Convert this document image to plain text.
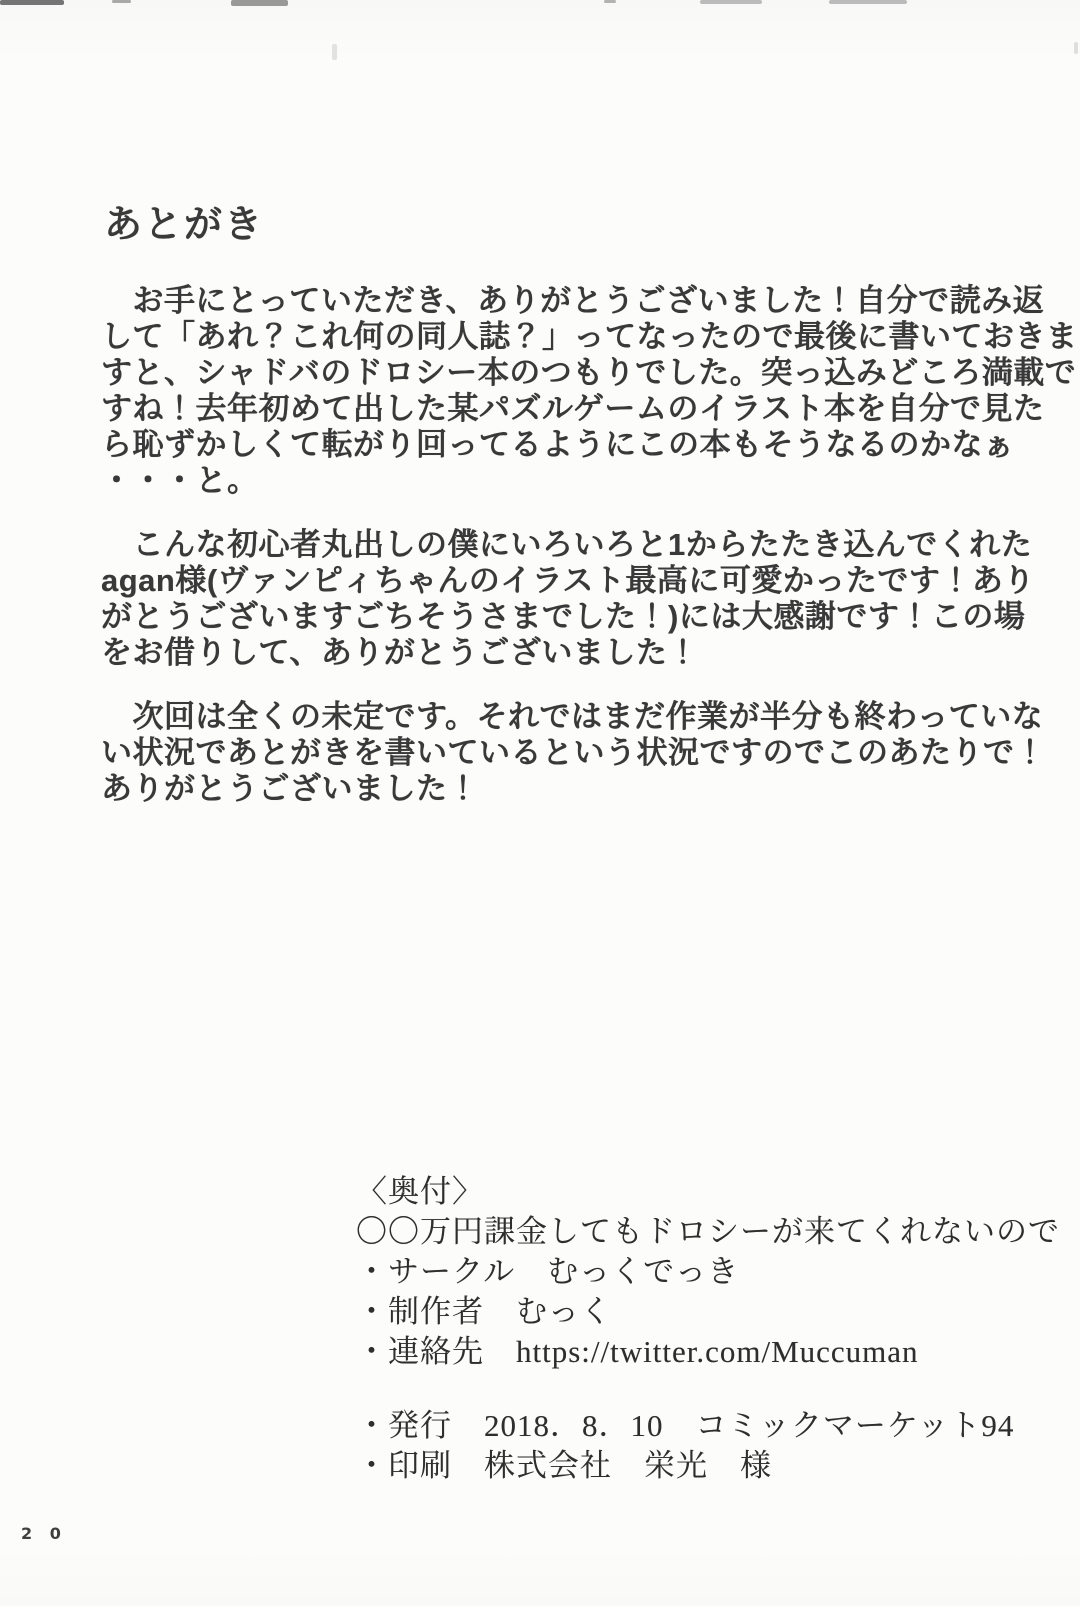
あとがき
　お手にとっていただき、ありがとうございました！自分で読み返
して「あれ？これ何の同人誌？」ってなったので最後に書いておきま
すと、シャドバのドロシー本のつもりでした。突っ込みどころ満載で
すね！去年初めて出した某パズルゲームのイラスト本を自分で見た
ら恥ずかしくて転がり回ってるようにこの本もそうなるのかなぁ
・・・と。
　こんな初心者丸出しの僕にいろいろと1からたたき込んでくれた
agan様(ヴァンピィちゃんのイラスト最高に可愛かったです！あり
がとうございますごちそうさまでした！)には大感謝です！この場
をお借りして、ありがとうございました！
　次回は全くの未定です。それではまだ作業が半分も終わっていな
い状況であとがきを書いているという状況ですのでこのあたりで！
ありがとうございました！
〈奥付〉
〇〇万円課金してもドロシーが来てくれないので
・サークル　むっくでっき
・制作者　むっく
・連絡先　https://twitter.com/Muccuman
・発行　2018．8．10　コミックマーケット94
・印刷　株式会社　栄光　様
2 0
